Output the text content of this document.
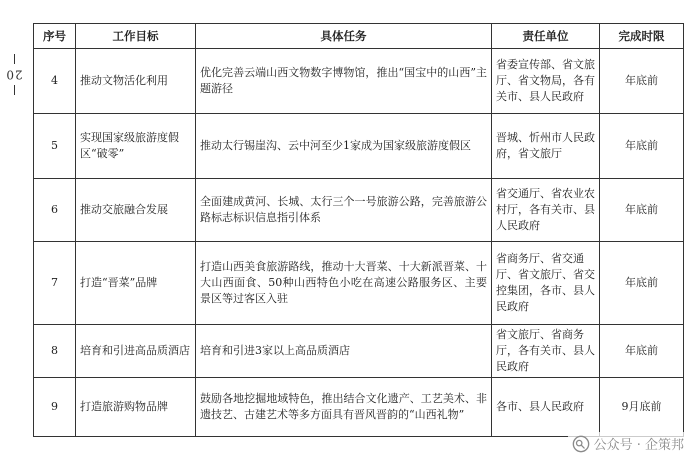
20
序号	工作目标	具体任务	责任单位	完成时限
4	推动文物活化利用	优化完善云端山西文物数字博物馆，推出“国宝中的山西”主题游径	省委宣传部、省文旅厅、省文物局，各有关市、县人民政府	年底前
5	实现国家级旅游度假区“破零”	推动太行锡崖沟、云中河至少1家成为国家级旅游度假区	晋城、忻州市人民政府，省文旅厅	年底前
6	推动交旅融合发展	全面建成黄河、长城、太行三个一号旅游公路，完善旅游公路标志标识信息指引体系	省交通厅、省农业农村厅，各有关市、县人民政府	年底前
7	打造“晋菜”品牌	打造山西美食旅游路线，推动十大晋菜、十大新派晋菜、十大山西面食、50种山西特色小吃在高速公路服务区、主要景区等过客区入驻	省商务厅、省交通厅、省文旅厅、省交控集团，各市、县人民政府	年底前
8	培育和引进高品质酒店	培育和引进3家以上高品质酒店	省文旅厅、省商务厅，各有关市、县人民政府	年底前
9	打造旅游购物品牌	鼓励各地挖掘地域特色，推出结合文化遗产、工艺美术、非遗技艺、古建艺术等多方面具有晋风晋韵的“山西礼物”	各市、县人民政府	9月底前
公众号 · 企策邦
